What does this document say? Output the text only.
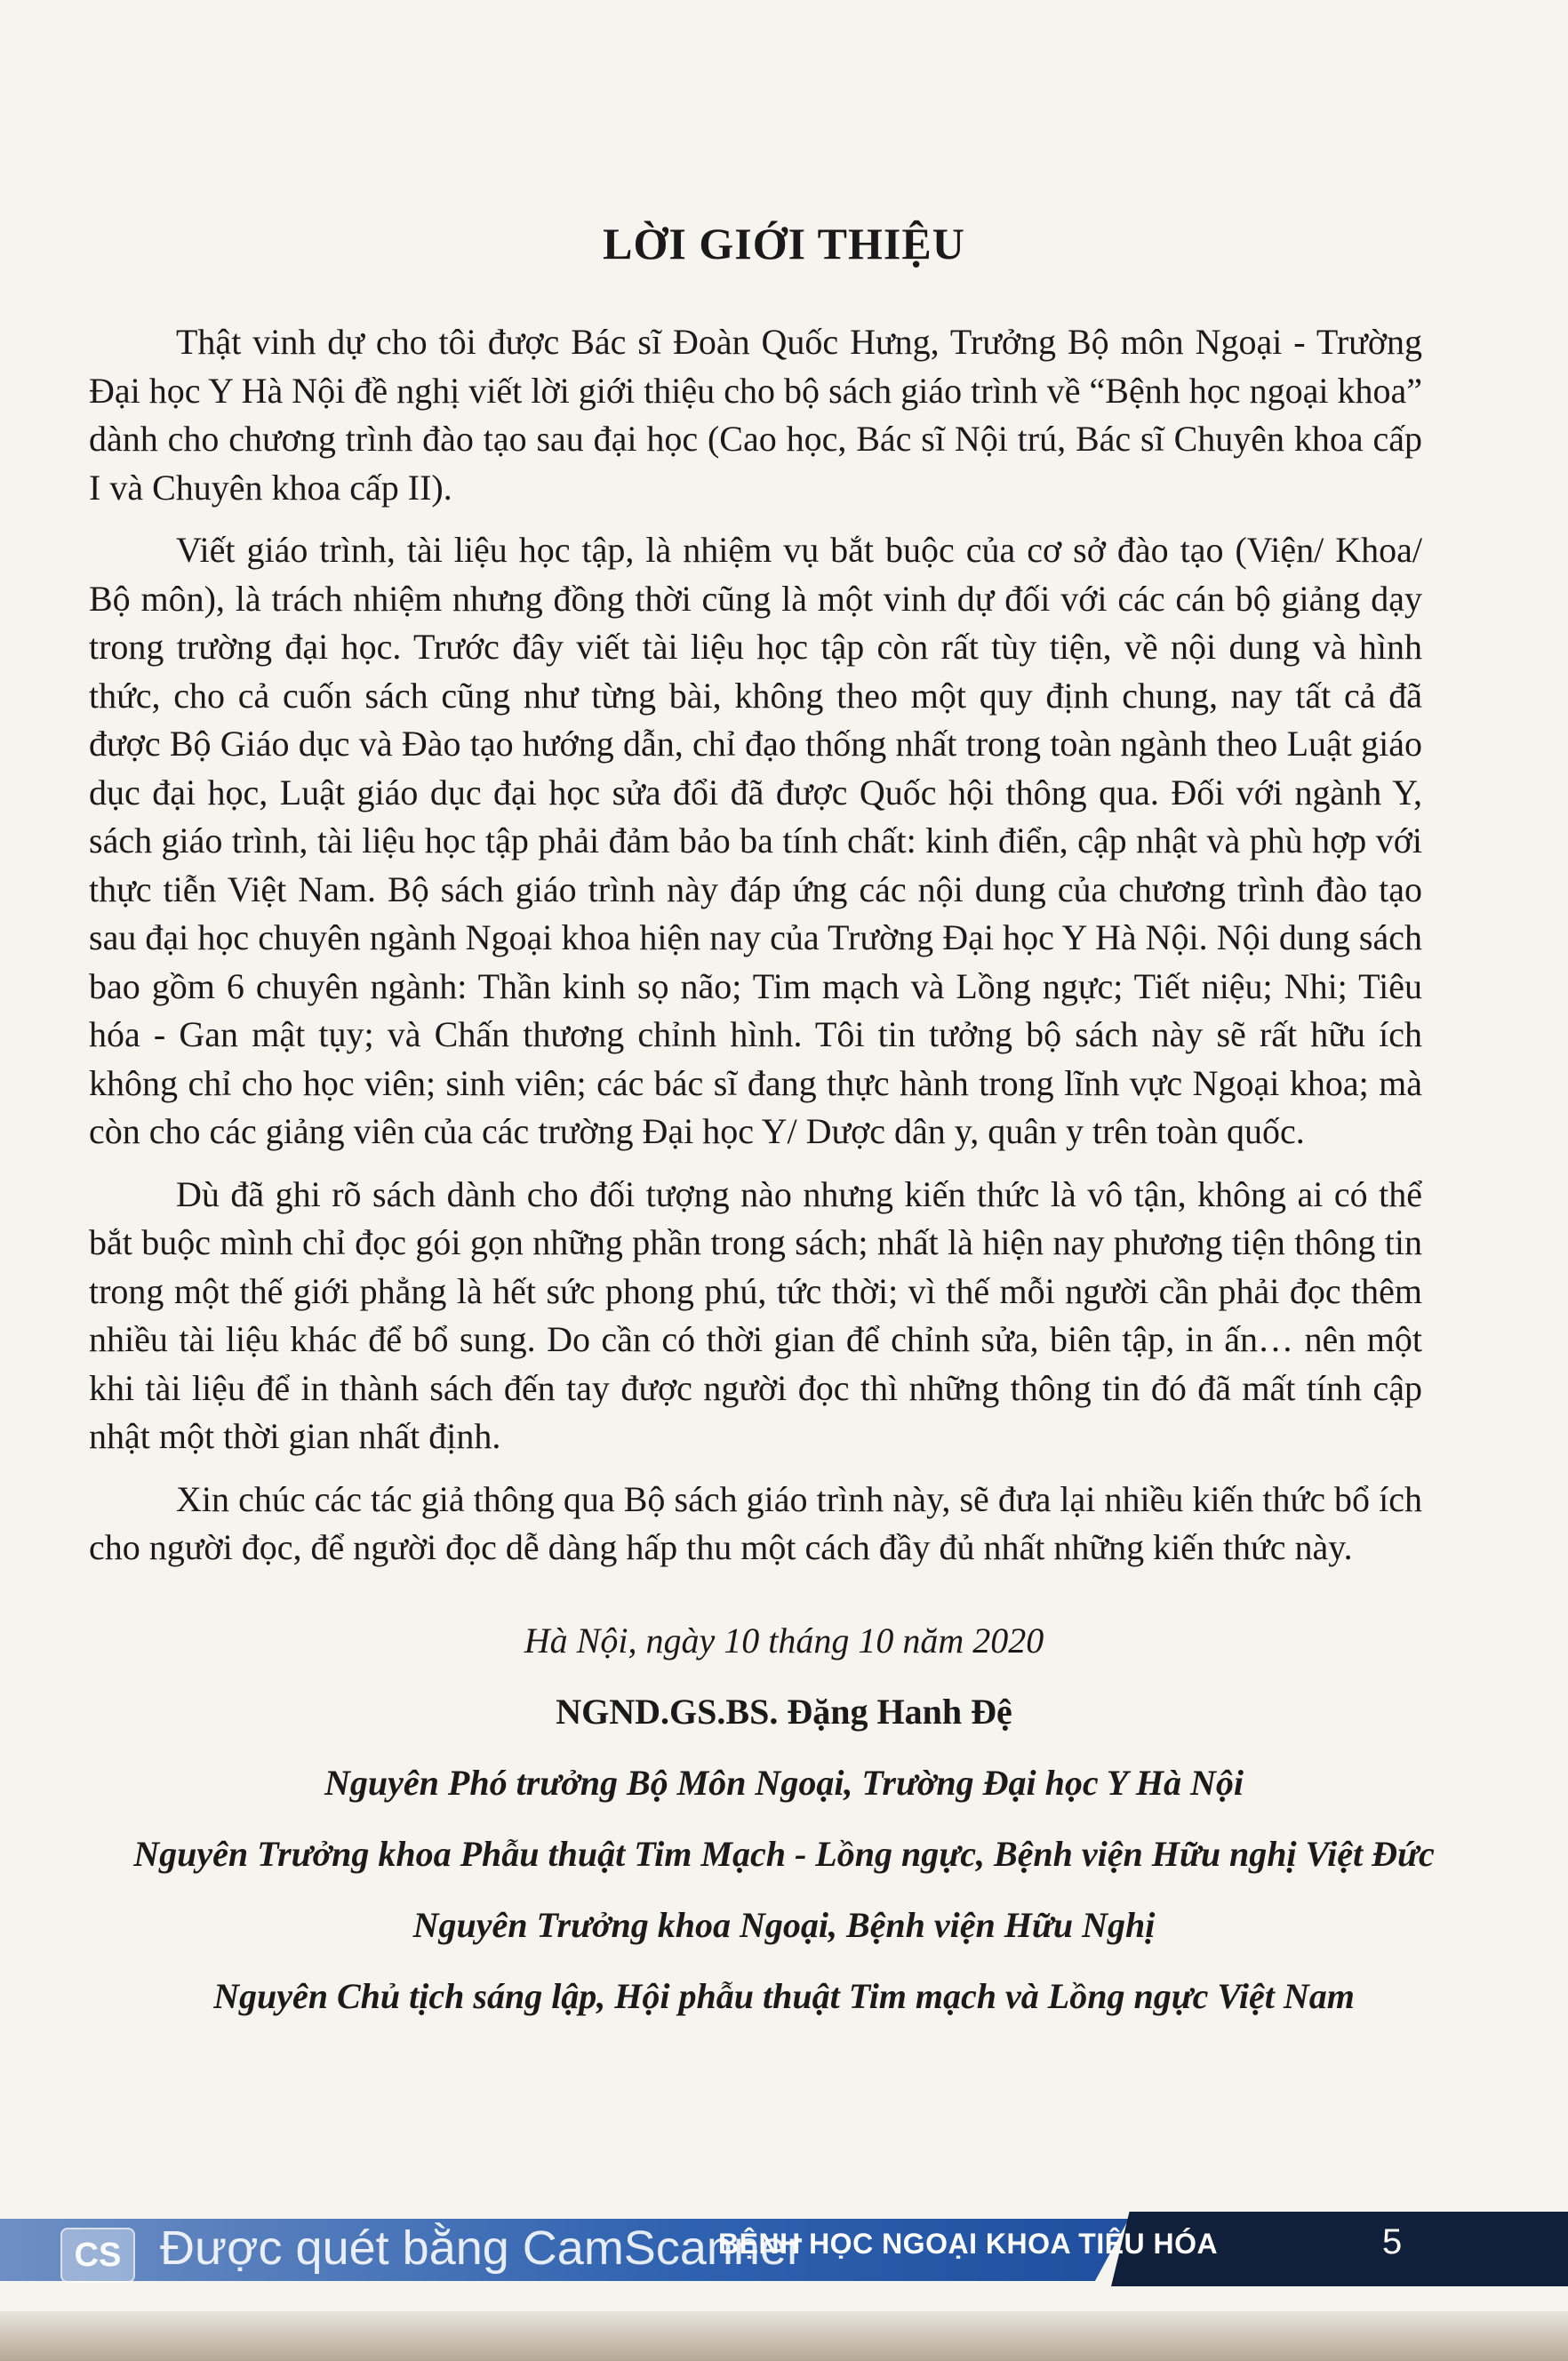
LỜI GIỚI THIỆU

Thật vinh dự cho tôi được Bác sĩ Đoàn Quốc Hưng, Trưởng Bộ môn Ngoại - Trường Đại học Y Hà Nội đề nghị viết lời giới thiệu cho bộ sách giáo trình về “Bệnh học ngoại khoa” dành cho chương trình đào tạo sau đại học (Cao học, Bác sĩ Nội trú, Bác sĩ Chuyên khoa cấp I và Chuyên khoa cấp II).

Viết giáo trình, tài liệu học tập, là nhiệm vụ bắt buộc của cơ sở đào tạo (Viện/ Khoa/ Bộ môn), là trách nhiệm nhưng đồng thời cũng là một vinh dự đối với các cán bộ giảng dạy trong trường đại học. Trước đây viết tài liệu học tập còn rất tùy tiện, về nội dung và hình thức, cho cả cuốn sách cũng như từng bài, không theo một quy định chung, nay tất cả đã được Bộ Giáo dục và Đào tạo hướng dẫn, chỉ đạo thống nhất trong toàn ngành theo Luật giáo dục đại học, Luật giáo dục đại học sửa đổi đã được Quốc hội thông qua. Đối với ngành Y, sách giáo trình, tài liệu học tập phải đảm bảo ba tính chất: kinh điển, cập nhật và phù hợp với thực tiễn Việt Nam. Bộ sách giáo trình này đáp ứng các nội dung của chương trình đào tạo sau đại học chuyên ngành Ngoại khoa hiện nay của Trường Đại học Y Hà Nội. Nội dung sách bao gồm 6 chuyên ngành: Thần kinh sọ não; Tim mạch và Lồng ngực; Tiết niệu; Nhi; Tiêu hóa - Gan mật tụy; và Chấn thương chỉnh hình. Tôi tin tưởng bộ sách này sẽ rất hữu ích không chỉ cho học viên; sinh viên; các bác sĩ đang thực hành trong lĩnh vực Ngoại khoa; mà còn cho các giảng viên của các trường Đại học Y/ Dược dân y, quân y trên toàn quốc.

Dù đã ghi rõ sách dành cho đối tượng nào nhưng kiến thức là vô tận, không ai có thể bắt buộc mình chỉ đọc gói gọn những phần trong sách; nhất là hiện nay phương tiện thông tin trong một thế giới phẳng là hết sức phong phú, tức thời; vì thế mỗi người cần phải đọc thêm nhiều tài liệu khác để bổ sung. Do cần có thời gian để chỉnh sửa, biên tập, in ấn… nên một khi tài liệu để in thành sách đến tay được người đọc thì những thông tin đó đã mất tính cập nhật một thời gian nhất định.

Xin chúc các tác giả thông qua Bộ sách giáo trình này, sẽ đưa lại nhiều kiến thức bổ ích cho người đọc, để người đọc dễ dàng hấp thu một cách đầy đủ nhất những kiến thức này.

Hà Nội, ngày 10 tháng 10 năm 2020
NGND.GS.BS. Đặng Hanh Đệ
Nguyên Phó trưởng Bộ Môn Ngoại, Trường Đại học Y Hà Nội
Nguyên Trưởng khoa Phẫu thuật Tim Mạch - Lồng ngực, Bệnh viện Hữu nghị Việt Đức
Nguyên Trưởng khoa Ngoại, Bệnh viện Hữu Nghị
Nguyên Chủ tịch sáng lập, Hội phẫu thuật Tim mạch và Lồng ngực Việt Nam
BỆNH HỌC NGOẠI KHOA TIÊU HÓA	5
CS Được quét bằng CamScanner
